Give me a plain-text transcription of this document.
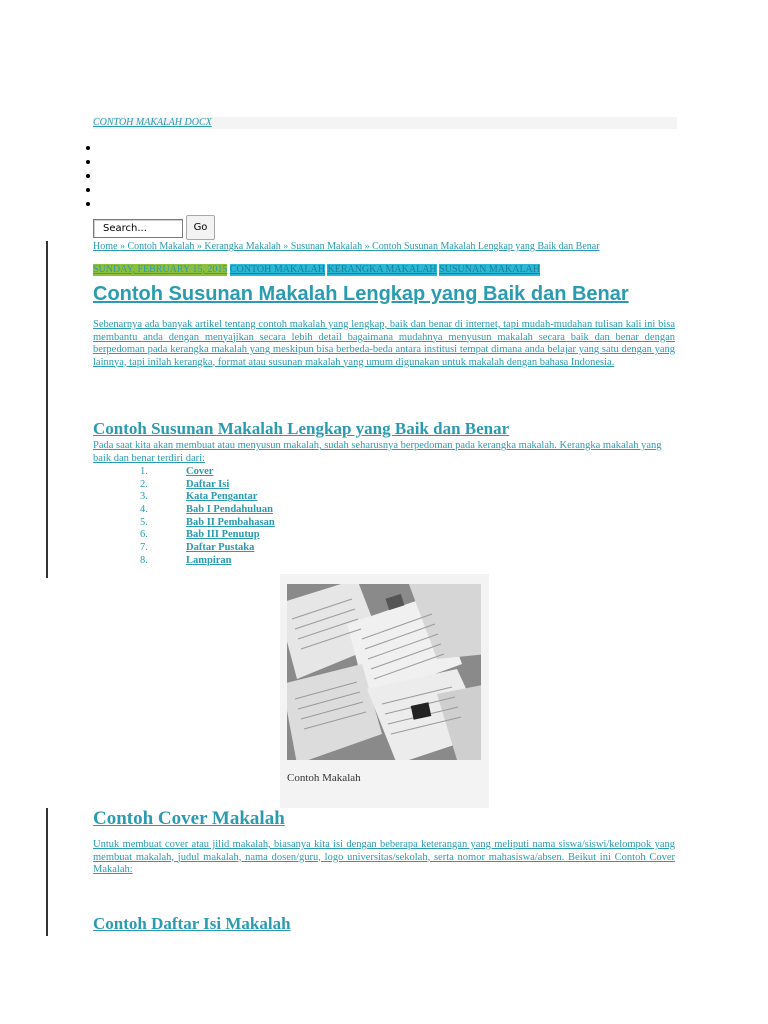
CONTOH MAKALAH DOCX
Search...	Go
Home » Contoh Makalah » Kerangka Makalah » Susunan Makalah » Contoh Susunan Makalah Lengkap yang Baik dan Benar
SUNDAY, FEBRUARY 15, 2015 CONTOH MAKALAH KERANGKA MAKALAH SUSUNAN MAKALAH
Contoh Susunan Makalah Lengkap yang Baik dan Benar

Sebenarnya ada banyak artikel tentang contoh makalah yang lengkap, baik dan benar di internet, tapi mudah-mudahan tulisan kali ini bisa membantu anda dengan menyajikan secara lebih detail bagaimana mudahnya menyusun makalah secara baik dan benar dengan berpedoman pada kerangka makalah yang meskipun bisa berbeda-beda antara institusi tempat dimana anda belajar yang satu dengan yang lainnya, tapi inilah kerangka, format atau susunan makalah yang umum digunakan untuk makalah dengan bahasa Indonesia.

Contoh Susunan Makalah Lengkap yang Baik dan Benar

Pada saat kita akan membuat atau menyusun makalah, sudah seharusnya berpedoman pada kerangka makalah. Kerangka makalah yang baik dan benar terdiri dari:

1.	Cover
2.	Daftar Isi
3.	Kata Pengantar
4.	Bab I Pendahuluan
5.	Bab II Pembahasan
6.	Bab III Penutup
7.	Daftar Pustaka
8.	Lampiran
Contoh Makalah
Contoh Cover Makalah

Untuk membuat cover atau jilid makalah, biasanya kita isi dengan beberapa keterangan yang meliputi nama siswa/siswi/kelompok yang membuat makalah, judul makalah, nama dosen/guru, logo universitas/sekolah, serta nomor mahasiswa/absen. Beikut ini Contoh Cover Makalah:

Contoh Daftar Isi Makalah
